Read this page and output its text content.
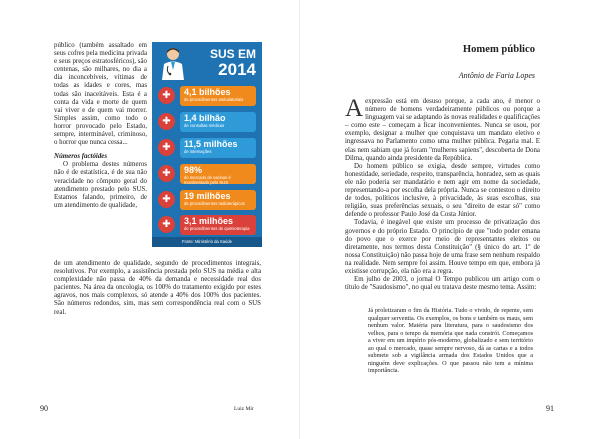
público (também assaltado em seus cofres pela medicina privada e seus preços estratosféricos), são centenas, são milhares, no dia a dia inconcebíveis, vítimas de todas as idades e cores, mas todas são inaceitáveis. Esta é a conta da vida e morte de quem vai viver e de quem vai morrer. Simples assim, como todo o horror provocado pelo Estado, sempre, interminável, criminoso, o horror que nunca cessa...

Números factóides

O problema destes números não é de estatística, é de sua não veracidade no cômputo geral do atendimento prestado pelo SUS. Estamos falando, primeiro, de um atendimento de qualidade,

SUS EM
2014
✚	4,1 bilhões
de procedimentos ambulatoriais
✚	1,4 bilhão
de consultas médicas
✚	11,5 milhões
de internações
✚	98%
do mercado de vacinas é movimentado pelo SUS
✚	19 milhões
de procedimentos radioterápicos
✚	3,1 milhões
de procedimentos de quimioterapia
Fonte: Ministério da Saúde

de um atendimento de qualidade, segundo de procedimentos integrais, resolutivos. Por exemplo, a assistência prestada pelo SUS na média e alta complexidade não passa de 40% da demanda e necessidade real dos pacientes. Na área da oncologia, os 100% do tratamento exigido por estes agravos, nos mais complexos, só atende a 40% dos 100% dos pacientes. São números redondos, sim, mas sem correspondência real com o SUS real.

90	Luiz Mir

Homem público

Antônio de Faria Lopes

Aexpressão está em desuso porque, a cada ano, é menor o número de homens verdadeiramente públicos ou porque a linguagem vai se adaptando às novas realidades e qualificações – como este – começam a ficar inconvenientes. Nunca se usou, por exemplo, designar a mulher que conquistava um mandato eletivo e ingressava no Parlamento como uma mulher pública. Pegaria mal. E elas nem sabiam que já foram "mulheres sapiens", descoberta de Dona Dilma, quando ainda presidente da República.

Do homem público se exigia, desde sempre, virtudes como honestidade, seriedade, respeito, transparência, honradez, sem as quais ele não poderia ser mandatário e nem agir em nome da sociedade, representando-a por escolha dela própria. Nunca se contestou o direito de todos, políticos inclusive, à privacidade, às suas escolhas, sua religião, suas preferências sexuais, o seu "direito de estar só" como defende o professor Paulo José da Costa Júnior.

Todavia, é inegável que existe um processo de privatização dos governos e do próprio Estado. O princípio de que "todo poder emana do povo que o exerce por meio de representantes eleitos ou diretamente, nos termos desta Constituição" (§ único do art. 1º de nossa Constituição) não passa hoje de uma frase sem nenhum respaldo na realidade. Nem sempre foi assim. Houve tempo em que, embora já existisse corrupção, ela não era a regra.

Em julho de 2003, o jornal O Tempo publicou um artigo com o título de "Saudosismo", no qual eu tratava deste mesmo tema. Assim:

Já proletizaram o fim da História. Tudo o vivido, de repente, sem qualquer serventia. Os exemplos, os bons e também os maus, sem nenhum valor. Matéria para literatura, para o saudosismo dos velhos, para o tempo da memória que nada constrói. Começamos a viver em um império pós-moderno, globalizado e sem território ao qual o mercado, quase sempre nervoso, dá as cartas e a todos submete sob a vigilância armada dos Estados Unidos que a ninguém deve explicações. O que passou não tem a mínima importância.

91
